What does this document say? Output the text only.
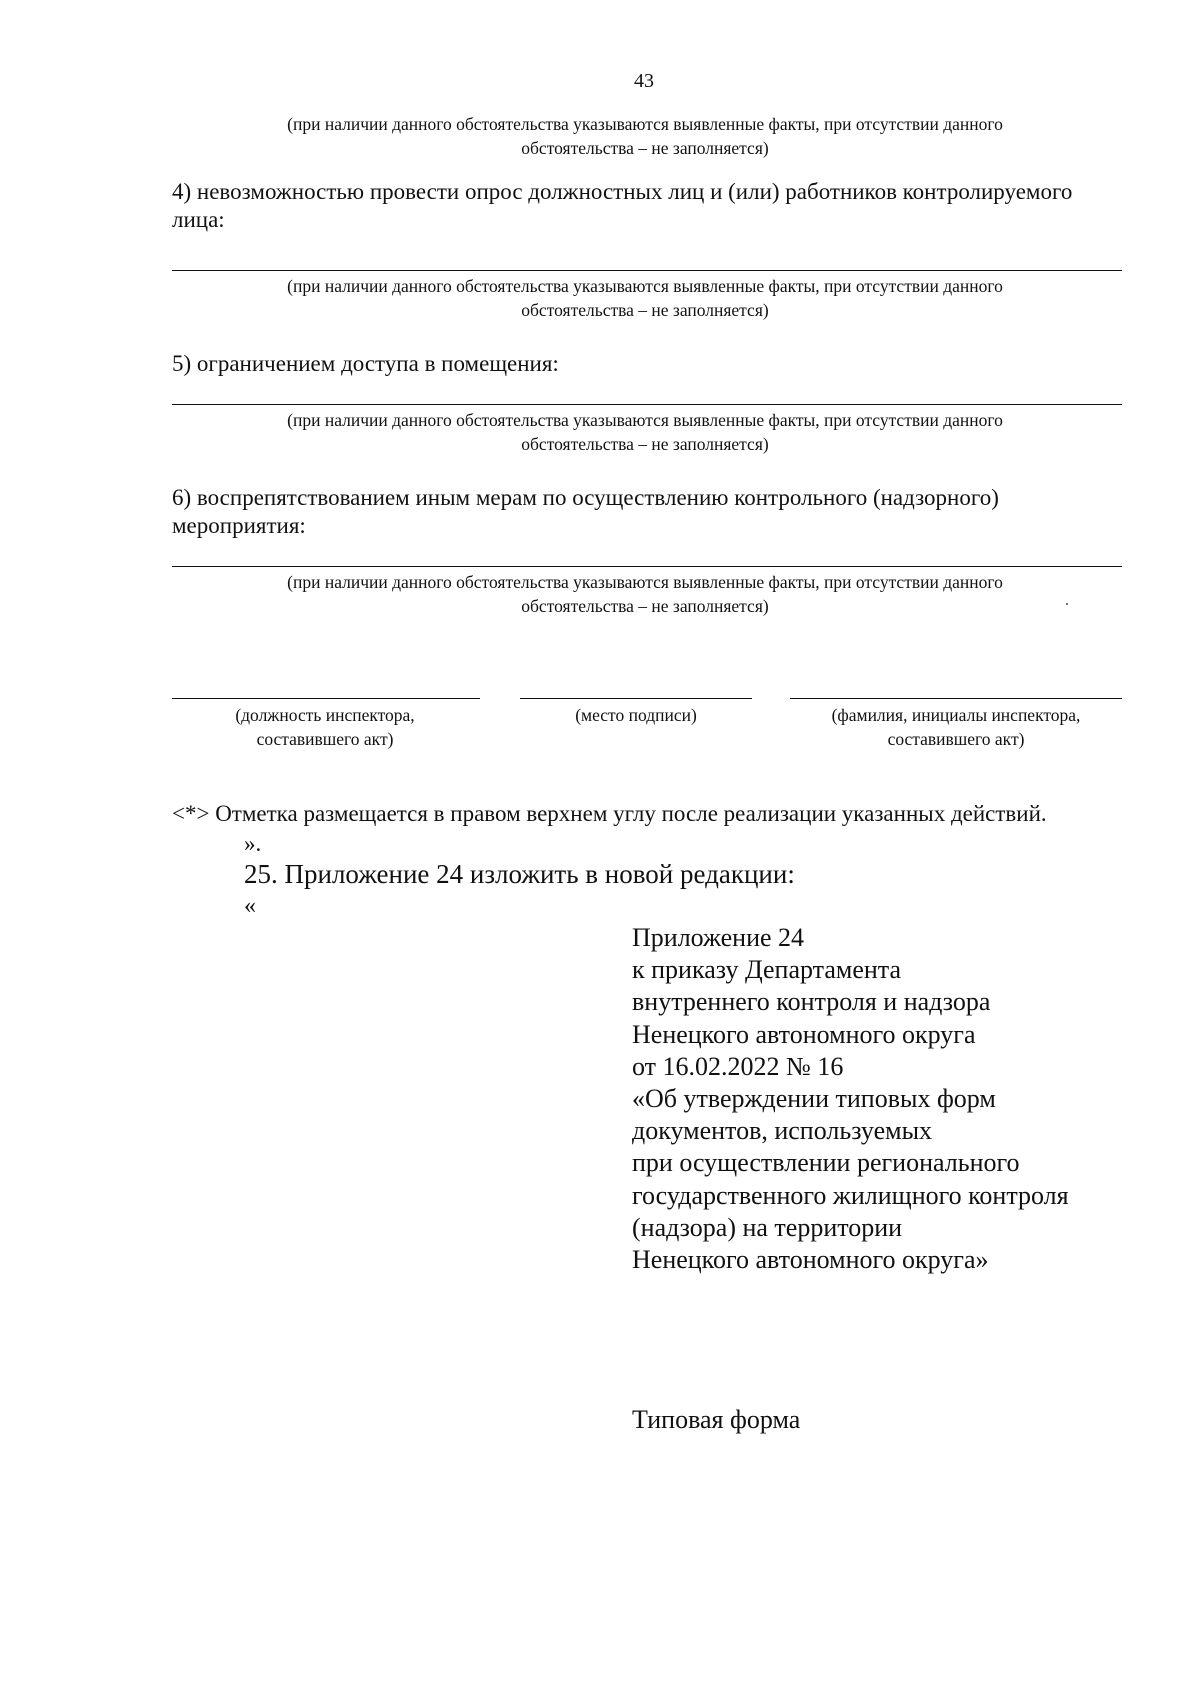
43
(при наличии данного обстоятельства указываются выявленные факты, при отсутствии данного
обстоятельства – не заполняется)
4) невозможностью провести опрос должностных лиц и (или) работников контролируемого
лица:
(при наличии данного обстоятельства указываются выявленные факты, при отсутствии данного
обстоятельства – не заполняется)
5) ограничением доступа в помещения:
(при наличии данного обстоятельства указываются выявленные факты, при отсутствии данного
обстоятельства – не заполняется)
6) воспрепятствованием иным мерам по осуществлению контрольного (надзорного)
мероприятия:
(при наличии данного обстоятельства указываются выявленные факты, при отсутствии данного
обстоятельства – не заполняется)
(должность инспектора,
составившего акт)
(место подписи)	(фамилия, инициалы инспектора,
составившего акт)
<*> Отметка размещается в правом верхнем углу после реализации указанных действий.
».
25. Приложение 24 изложить в новой редакции:
«
Приложение 24
к приказу Департамента
внутреннего контроля и надзора
Ненецкого автономного округа
от 16.02.2022 № 16
«Об утверждении типовых форм
документов, используемых
при осуществлении регионального
государственного жилищного контроля
(надзора) на территории
Ненецкого автономного округа»
Типовая форма
